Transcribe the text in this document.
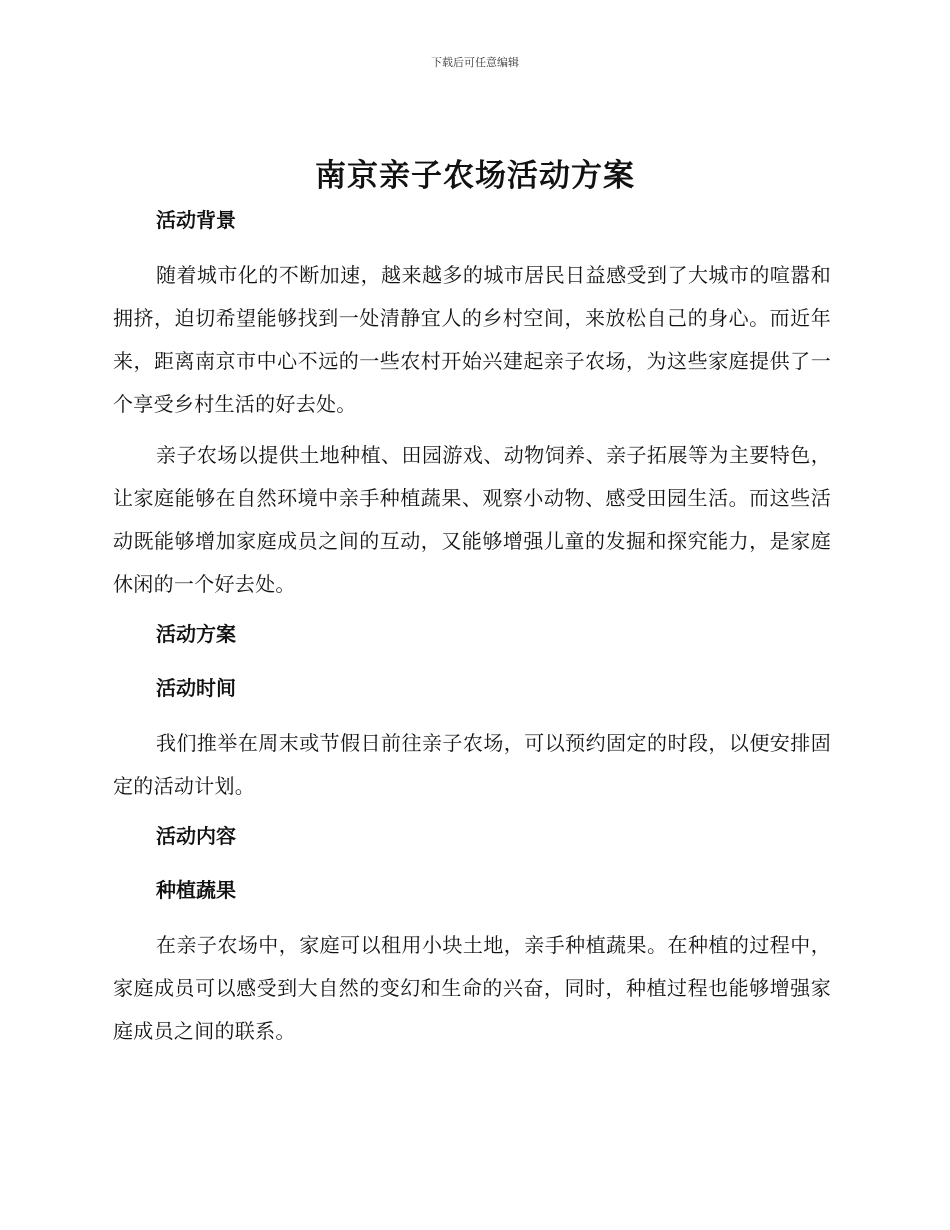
下载后可任意编辑
南京亲子农场活动方案
活动背景

随着城市化的不断加速，越来越多的城市居民日益感受到了大城市的喧嚣和拥挤，迫切希望能够找到一处清静宜人的乡村空间，来放松自己的身心。而近年来，距离南京市中心不远的一些农村开始兴建起亲子农场，为这些家庭提供了一个享受乡村生活的好去处。

亲子农场以提供土地种植、田园游戏、动物饲养、亲子拓展等为主要特色，让家庭能够在自然环境中亲手种植蔬果、观察小动物、感受田园生活。而这些活动既能够增加家庭成员之间的互动，又能够增强儿童的发掘和探究能力，是家庭休闲的一个好去处。

活动方案
活动时间

我们推举在周末或节假日前往亲子农场，可以预约固定的时段，以便安排固定的活动计划。

活动内容
种植蔬果

在亲子农场中，家庭可以租用小块土地，亲手种植蔬果。在种植的过程中，家庭成员可以感受到大自然的变幻和生命的兴奋，同时，种植过程也能够增强家庭成员之间的联系。
